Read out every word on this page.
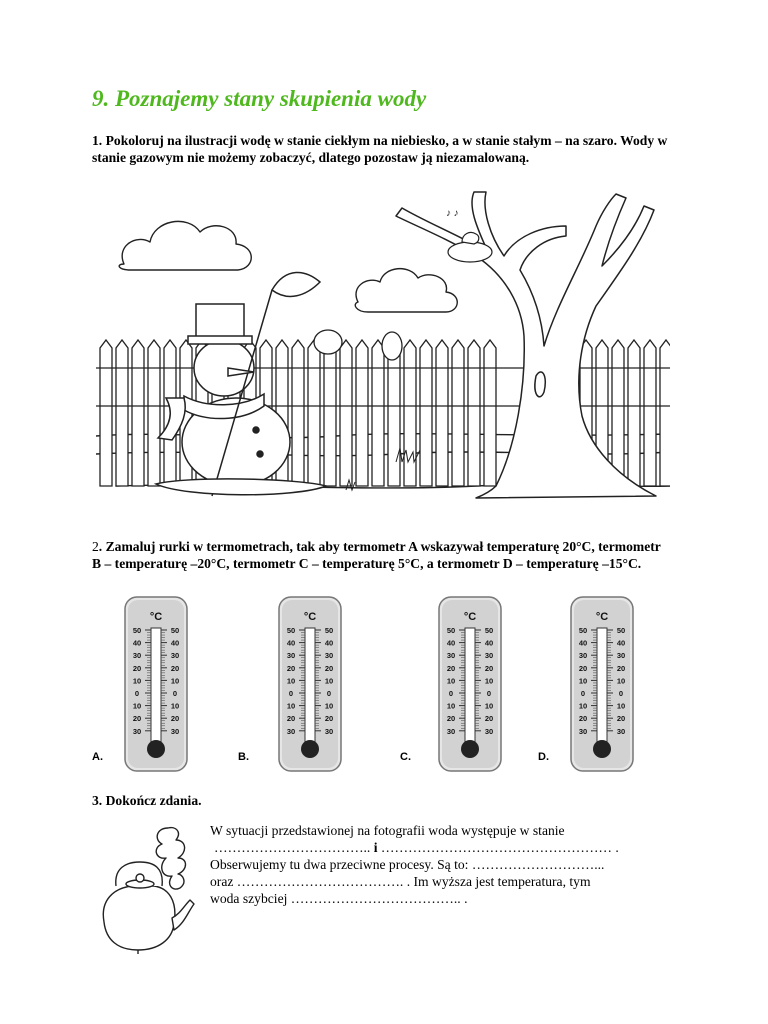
9. Poznajemy stany skupienia wody
1. Pokoloruj na ilustracji wodę w stanie ciekłym na niebiesko, a w stanie stałym – na szaro. Wody w stanie gazowym nie możemy zobaczyć, dlatego pozostaw ją niezamalowaną.
♪ ♪
2. Zamaluj rurki w termometrach, tak aby termometr A wskazywał temperaturę 20°C, termometr B – temperaturę –20°C, termometr C – temperaturę 5°C, a termometr D – temperaturę –15°C.
°C
50	50
40	40
30	30
20	20
10	10
0	0
10	10
20	20
30	30
°C
50	50
40	40
30	30
20	20
10	10
0	0
10	10
20	20
30	30
°C
50	50
40	40
30	30
20	20
10	10
0	0
10	10
20	20
30	30
°C
50	50
40	40
30	30
20	20
10	10
0	0
10	10
20	20
30	30
A.	B.	C.	D.
3. Dokończ zdania.
W sytuacji przedstawionej na fotografii woda występuje w stanie
…………………………….. i …………………………………………… .
Obserwujemy tu dwa przeciwne procesy. Są to: ………………………...
oraz ………………………………. . Im wyższa jest temperatura, tym
woda szybciej ……………………………….. .
